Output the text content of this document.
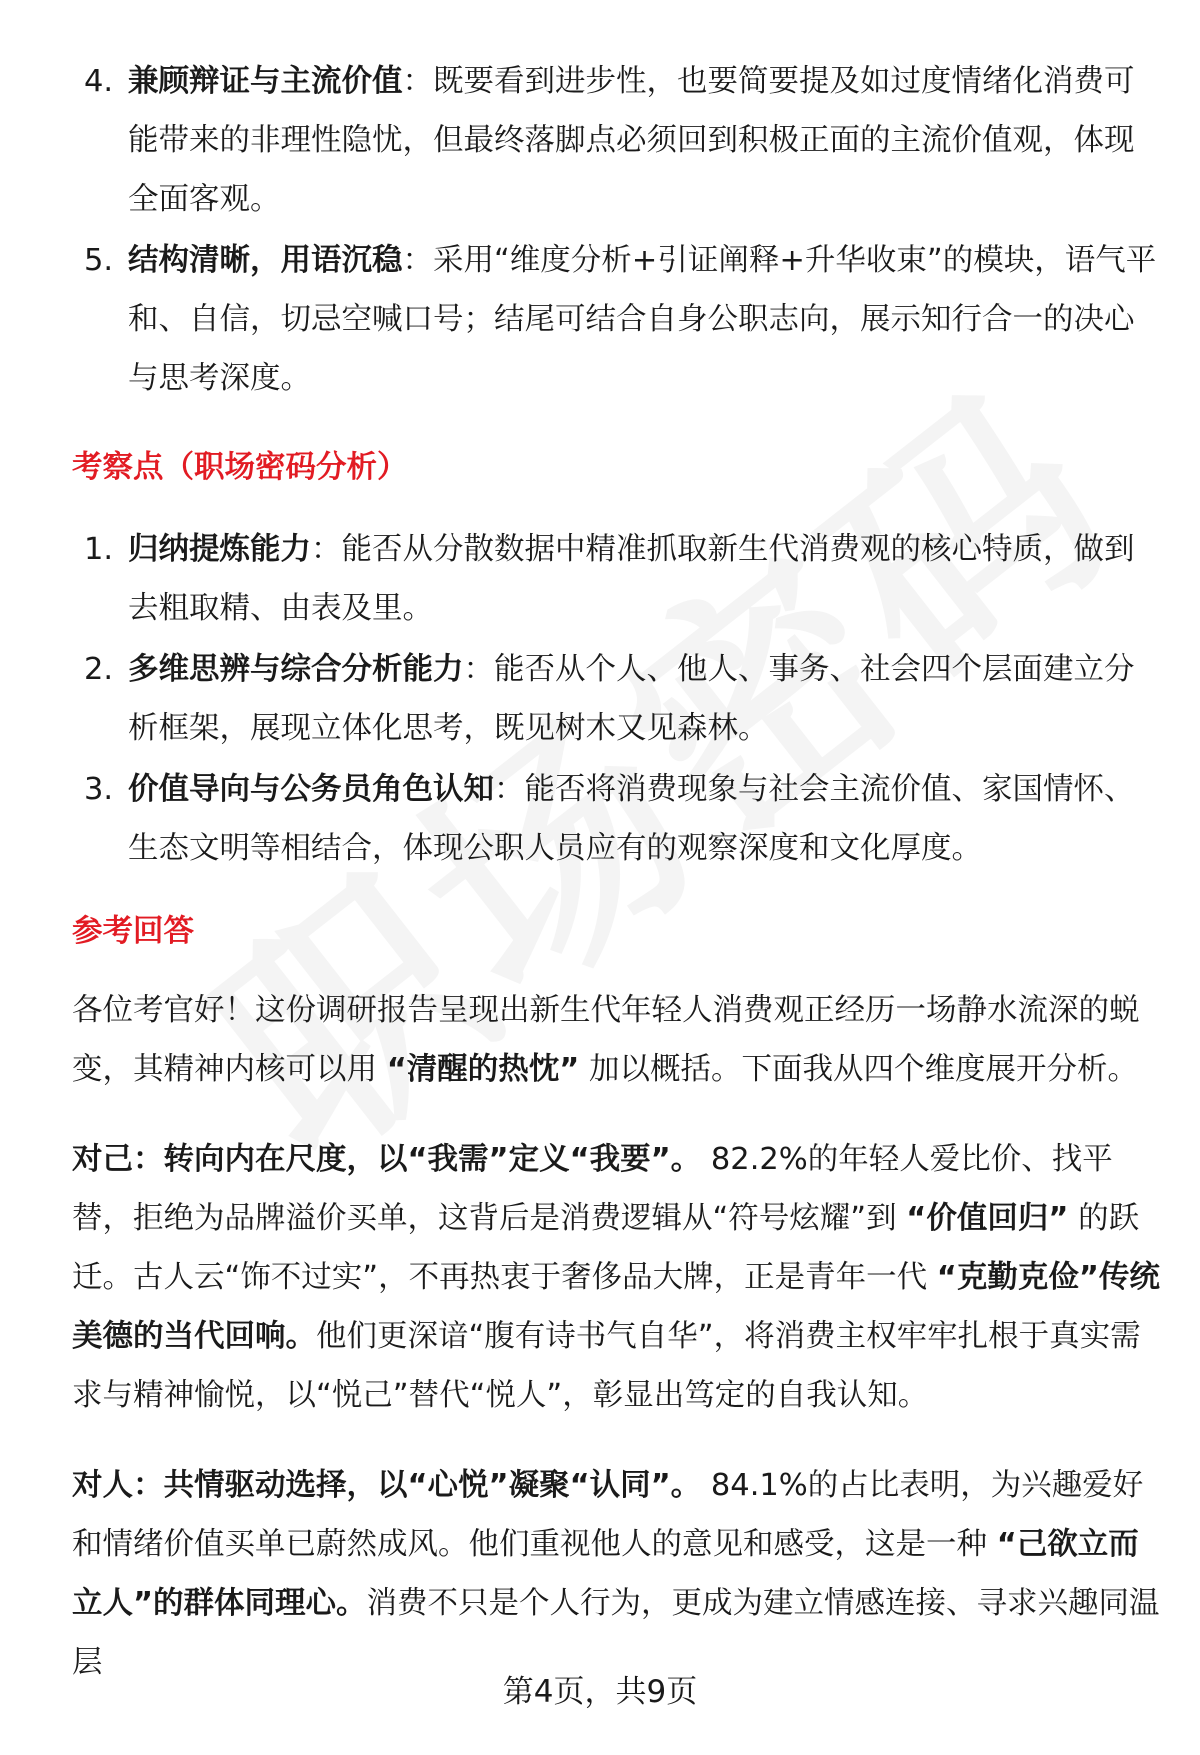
4. 兼顾辩证与主流价值：既要看到进步性，也要简要提及如过度情绪化消费可能带来的非理性隐忧，但最终落脚点必须回到积极正面的主流价值观，体现全面客观。
5. 结构清晰，用语沉稳：采用“维度分析+引证阐释+升华收束”的模块，语气平和、自信，切忌空喊口号；结尾可结合自身公职志向，展示知行合一的决心与思考深度。
考察点（职场密码分析）
1. 归纳提炼能力：能否从分散数据中精准抓取新生代消费观的核心特质，做到去粗取精、由表及里。
2. 多维思辨与综合分析能力：能否从个人、他人、事务、社会四个层面建立分析框架，展现立体化思考，既见树木又见森林。
3. 价值导向与公务员角色认知：能否将消费现象与社会主流价值、家国情怀、生态文明等相结合，体现公职人员应有的观察深度和文化厚度。
参考回答

各位考官好！这份调研报告呈现出新生代年轻人消费观正经历一场静水流深的蜕变，其精神内核可以用 “清醒的热忱” 加以概括。下面我从四个维度展开分析。

对己：转向内在尺度，以“我需”定义“我要”。 82.2%的年轻人爱比价、找平替，拒绝为品牌溢价买单，这背后是消费逻辑从“符号炫耀”到 “价值回归” 的跃迁。古人云“饰不过实”，不再热衷于奢侈品大牌，正是青年一代 “克勤克俭”传统美德的当代回响。他们更深谙“腹有诗书气自华”，将消费主权牢牢扎根于真实需求与精神愉悦，以“悦己”替代“悦人”，彰显出笃定的自我认知。

对人：共情驱动选择，以“心悦”凝聚“认同”。 84.1%的占比表明，为兴趣爱好和情绪价值买单已蔚然成风。他们重视他人的意见和感受，这是一种 “己欲立而立人”的群体同理心。消费不只是个人行为，更成为建立情感连接、寻求兴趣同温层

第4页，共9页
